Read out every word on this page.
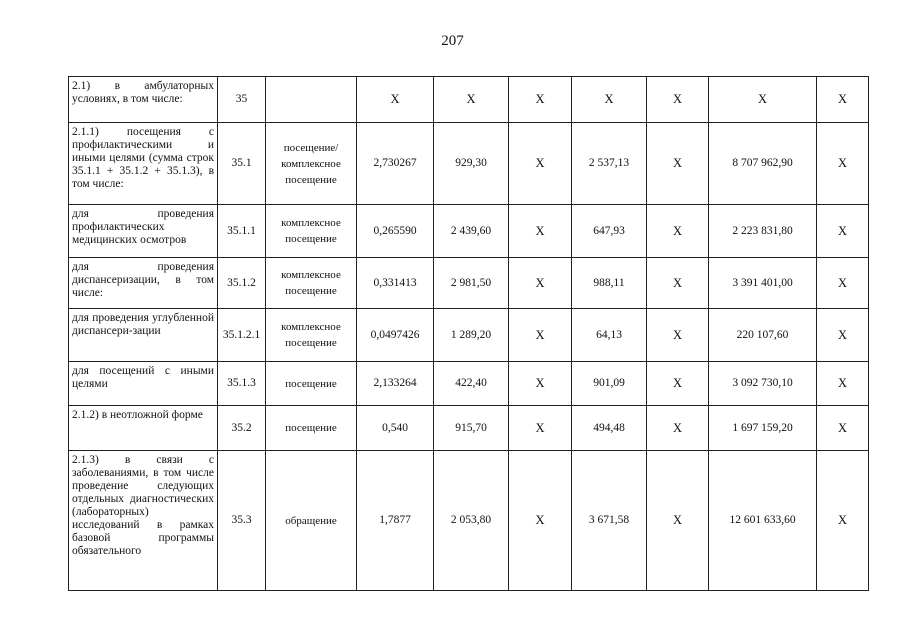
207
2.1) в амбулаторных условиях, в том числе:	35		X	X	X	X	X	X	X
2.1.1) посещения с профилактическими и иными целями (сумма строк 35.1.1 + 35.1.2 + 35.1.3), в том числе:	35.1	посещение/ комплексное посещение	2,730267	929,30	X	2 537,13	X	8 707 962,90	X
для проведения профилактических медицинских осмотров	35.1.1	комплексное посещение	0,265590	2 439,60	X	647,93	X	2 223 831,80	X
для проведения диспансеризации, в том числе:	35.1.2	комплексное посещение	0,331413	2 981,50	X	988,11	X	3 391 401,00	X
для проведения углубленной диспансери-зации	35.1.2.1	комплексное посещение	0,0497426	1 289,20	X	64,13	X	220 107,60	X
для посещений с иными целями	35.1.3	посещение	2,133264	422,40	X	901,09	X	3 092 730,10	X
2.1.2) в неотложной форме	35.2	посещение	0,540	915,70	X	494,48	X	1 697 159,20	X
2.1.3) в связи с заболеваниями, в том числе проведение следующих отдельных диагностических (лабораторных) исследований в рамках базовой программы обязательного	35.3	обращение	1,7877	2 053,80	X	3 671,58	X	12 601 633,60	X
